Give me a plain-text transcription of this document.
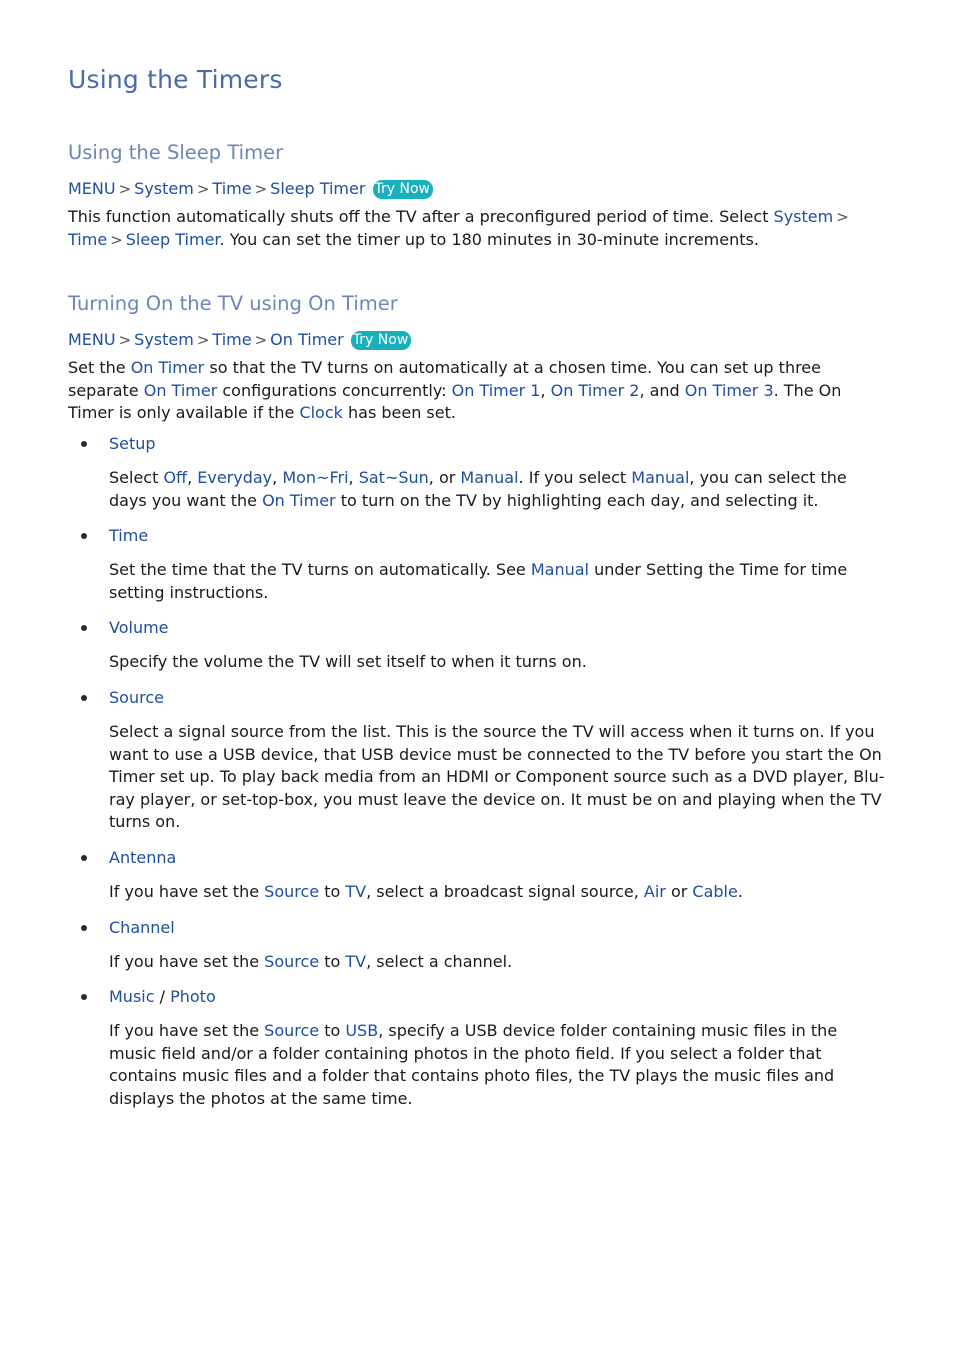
Using the Timers
Using the Sleep Timer
MENU > System > Time > Sleep Timer Try Now

This function automatically shuts off the TV after a preconfigured period of time. Select System >Time > Sleep Timer. You can set the timer up to 180 minutes in 30-minute increments.

Turning On the TV using On Timer
MENU > System > Time > On Timer Try Now

Set the On Timer so that the TV turns on automatically at a chosen time. You can set up three separate On Timer configurations concurrently: On Timer 1, On Timer 2, and On Timer 3. The On Timer is only available if the Clock has been set.

Setup

Select Off, Everyday, Mon~Fri, Sat~Sun, or Manual. If you select Manual, you can select the days you want the On Timer to turn on the TV by highlighting each day, and selecting it.

Time

Set the time that the TV turns on automatically. See Manual under Setting the Time for time setting instructions.

Volume

Specify the volume the TV will set itself to when it turns on.

Source

Select a signal source from the list. This is the source the TV will access when it turns on. If you want to use a USB device, that USB device must be connected to the TV before you start the On Timer set up. To play back media from an HDMI or Component source such as a DVD player, Blu-ray player, or set-top-box, you must leave the device on. It must be on and playing when the TV turns on.

Antenna

If you have set the Source to TV, select a broadcast signal source, Air or Cable.

Channel

If you have set the Source to TV, select a channel.

Music / Photo

If you have set the Source to USB, specify a USB device folder containing music files in the music field and/or a folder containing photos in the photo field. If you select a folder that contains music files and a folder that contains photo files, the TV plays the music files and displays the photos at the same time.
